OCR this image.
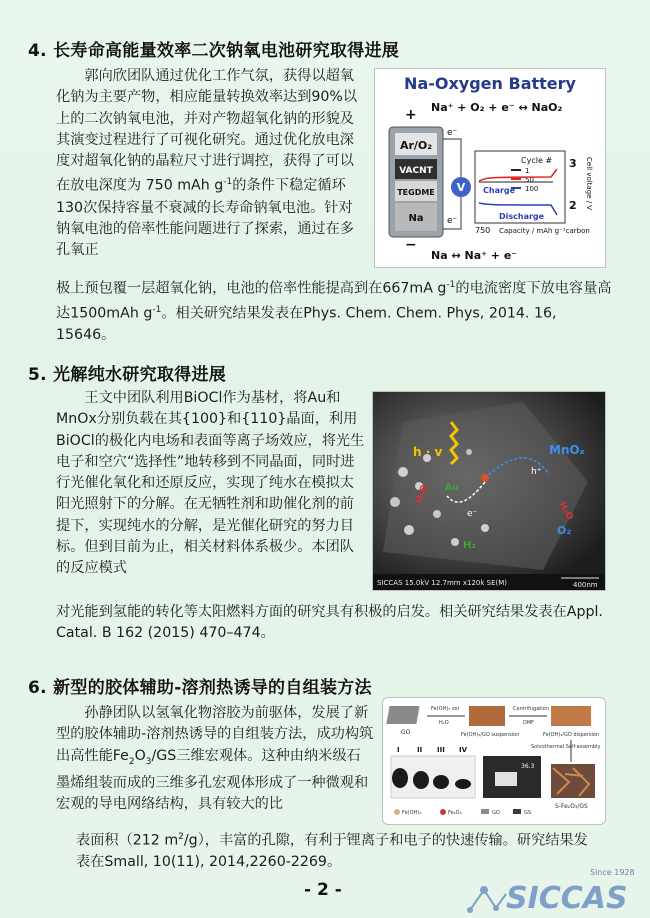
4. 长寿命高能量效率二次钠氧电池研究取得进展

郭向欣团队通过优化工作气氛，获得以超氧化钠为主要产物，相应能量转换效率达到90%以上的二次钠氧电池，并对产物超氧化钠的形貌及其演变过程进行了可视化研究。通过优化放电深度对超氧化钠的晶粒尺寸进行调控，获得了可以在放电深度为 750 mAh $g^{-1}$的条件下稳定循环130次保持容量不衰减的长寿命钠氧电池。针对钠氧电池的倍率性能问题进行了探索，通过在多孔氧正

极上预包覆一层超氧化钠，电池的倍率性能提高到在667mA $g^{-1}$的电流密度下放电容量高达1500mAh $g^{-1}$。相关研究结果发表在Phys. Chem. Chem. Phys, 2014. 16, 15646。

Na-Oxygen Battery
Na⁺ + O₂ + e⁻ ↔ NaO₂
+
Ar/O₂
VACNT
TEGDME
Na
e⁻
e⁻
V
−
Na ↔ Na⁺ + e⁻
Cycle #
1
50
100
Charge
Discharge
3
2 Cell voltage / V
750 Capacity / mAh g⁻¹carbon
5. 光解纯水研究取得进展

王文中团队利用BiOCl作为基材，将Au和MnOx分别负载在其{100}和{110}晶面，利用BiOCl的极化内电场和表面等离子场效应，将光生电子和空穴“选择性”地转移到不同晶面，同时进行光催化氧化和还原反应，实现了纯水在模拟太阳光照射下的分解。在无牺牲剂和助催化剂的前提下，实现纯水的分解，是光催化研究的努力目标。但到目前为止，相关材料体系极少。本团队的反应模式

对光能到氢能的转化等太阳燃料方面的研究具有积极的启发。相关研究结果发表在Appl. Catal. B 162 (2015) 470–474。

h · v	MnOₓ
Au
h⁺
e⁻
H₂O
H₂O
H₂
O₂
SICCAS 15.0kV 12.7mm x120k SE(M)	400nm
6. 新型的胶体辅助-溶剂热诱导的自组装方法

孙静团队以氢氧化物溶胶为前驱体，发展了新型的胶体辅助-溶剂热诱导的自组装方法，成功构筑出高性能$Fe_2O_3/GS$三维宏观体。这种由纳米级石墨烯组装而成的三维多孔宏观体形成了一种微观和宏观的导电网络结构，具有较大的比

表面积（212 $m^2/g$），丰富的孔隙，有利于锂离子和电子的快速传输。研究结果发表在Small, 10(11), 2014,2260-2269。

GO
Fe(OH)₃ sol
H₂O
Fe(OH)₃/GO suspension
Centrifugation
DMF
Fe(OH)₃/GO dispersion
Solvothermal Self-assembly
S-Fe₂O₃/GS
I II III IV
36.3
Fe(OH)₃	Fe₂O₃	GO	GS
- 2 -	SICCAS
Since 1928
